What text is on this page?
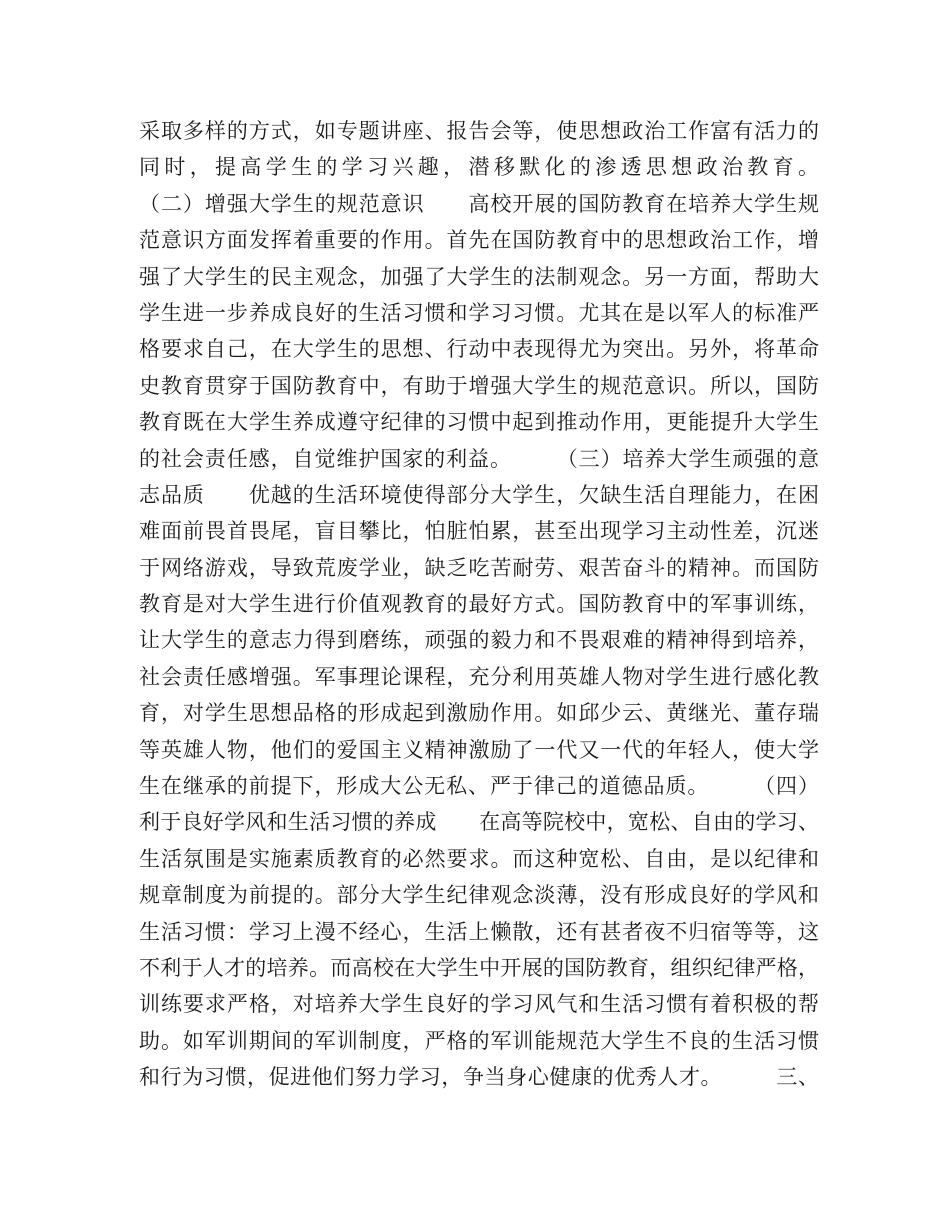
采取多样的方式，如专题讲座、报告会等，使思想政治工作富有活力的
同时，提高学生的学习兴趣，潜移默化的渗透思想政治教育。
（二）增强大学生的规范意识　　高校开展的国防教育在培养大学生规
范意识方面发挥着重要的作用。首先在国防教育中的思想政治工作，增
强了大学生的民主观念，加强了大学生的法制观念。另一方面，帮助大
学生进一步养成良好的生活习惯和学习习惯。尤其在是以军人的标准严
格要求自己，在大学生的思想、行动中表现得尤为突出。另外，将革命
史教育贯穿于国防教育中，有助于增强大学生的规范意识。所以，国防
教育既在大学生养成遵守纪律的习惯中起到推动作用，更能提升大学生
的社会责任感，自觉维护国家的利益。　　　（三）培养大学生顽强的意
志品质　　优越的生活环境使得部分大学生，欠缺生活自理能力，在困
难面前畏首畏尾，盲目攀比，怕脏怕累，甚至出现学习主动性差，沉迷
于网络游戏，导致荒废学业，缺乏吃苦耐劳、艰苦奋斗的精神。而国防
教育是对大学生进行价值观教育的最好方式。国防教育中的军事训练，
让大学生的意志力得到磨练，顽强的毅力和不畏艰难的精神得到培养，
社会责任感增强。军事理论课程，充分利用英雄人物对学生进行感化教
育，对学生思想品格的形成起到激励作用。如邱少云、黄继光、董存瑞
等英雄人物，他们的爱国主义精神激励了一代又一代的年轻人，使大学
生在继承的前提下，形成大公无私、严于律己的道德品质。　　　（四）
利于良好学风和生活习惯的养成　　在高等院校中，宽松、自由的学习、
生活氛围是实施素质教育的必然要求。而这种宽松、自由，是以纪律和
规章制度为前提的。部分大学生纪律观念淡薄，没有形成良好的学风和
生活习惯：学习上漫不经心，生活上懒散，还有甚者夜不归宿等等，这
不利于人才的培养。而高校在大学生中开展的国防教育，组织纪律严格，
训练要求严格，对培养大学生良好的学习风气和生活习惯有着积极的帮
助。如军训期间的军训制度，严格的军训能规范大学生不良的生活习惯
和行为习惯，促进他们努力学习，争当身心健康的优秀人才。　　　三、
